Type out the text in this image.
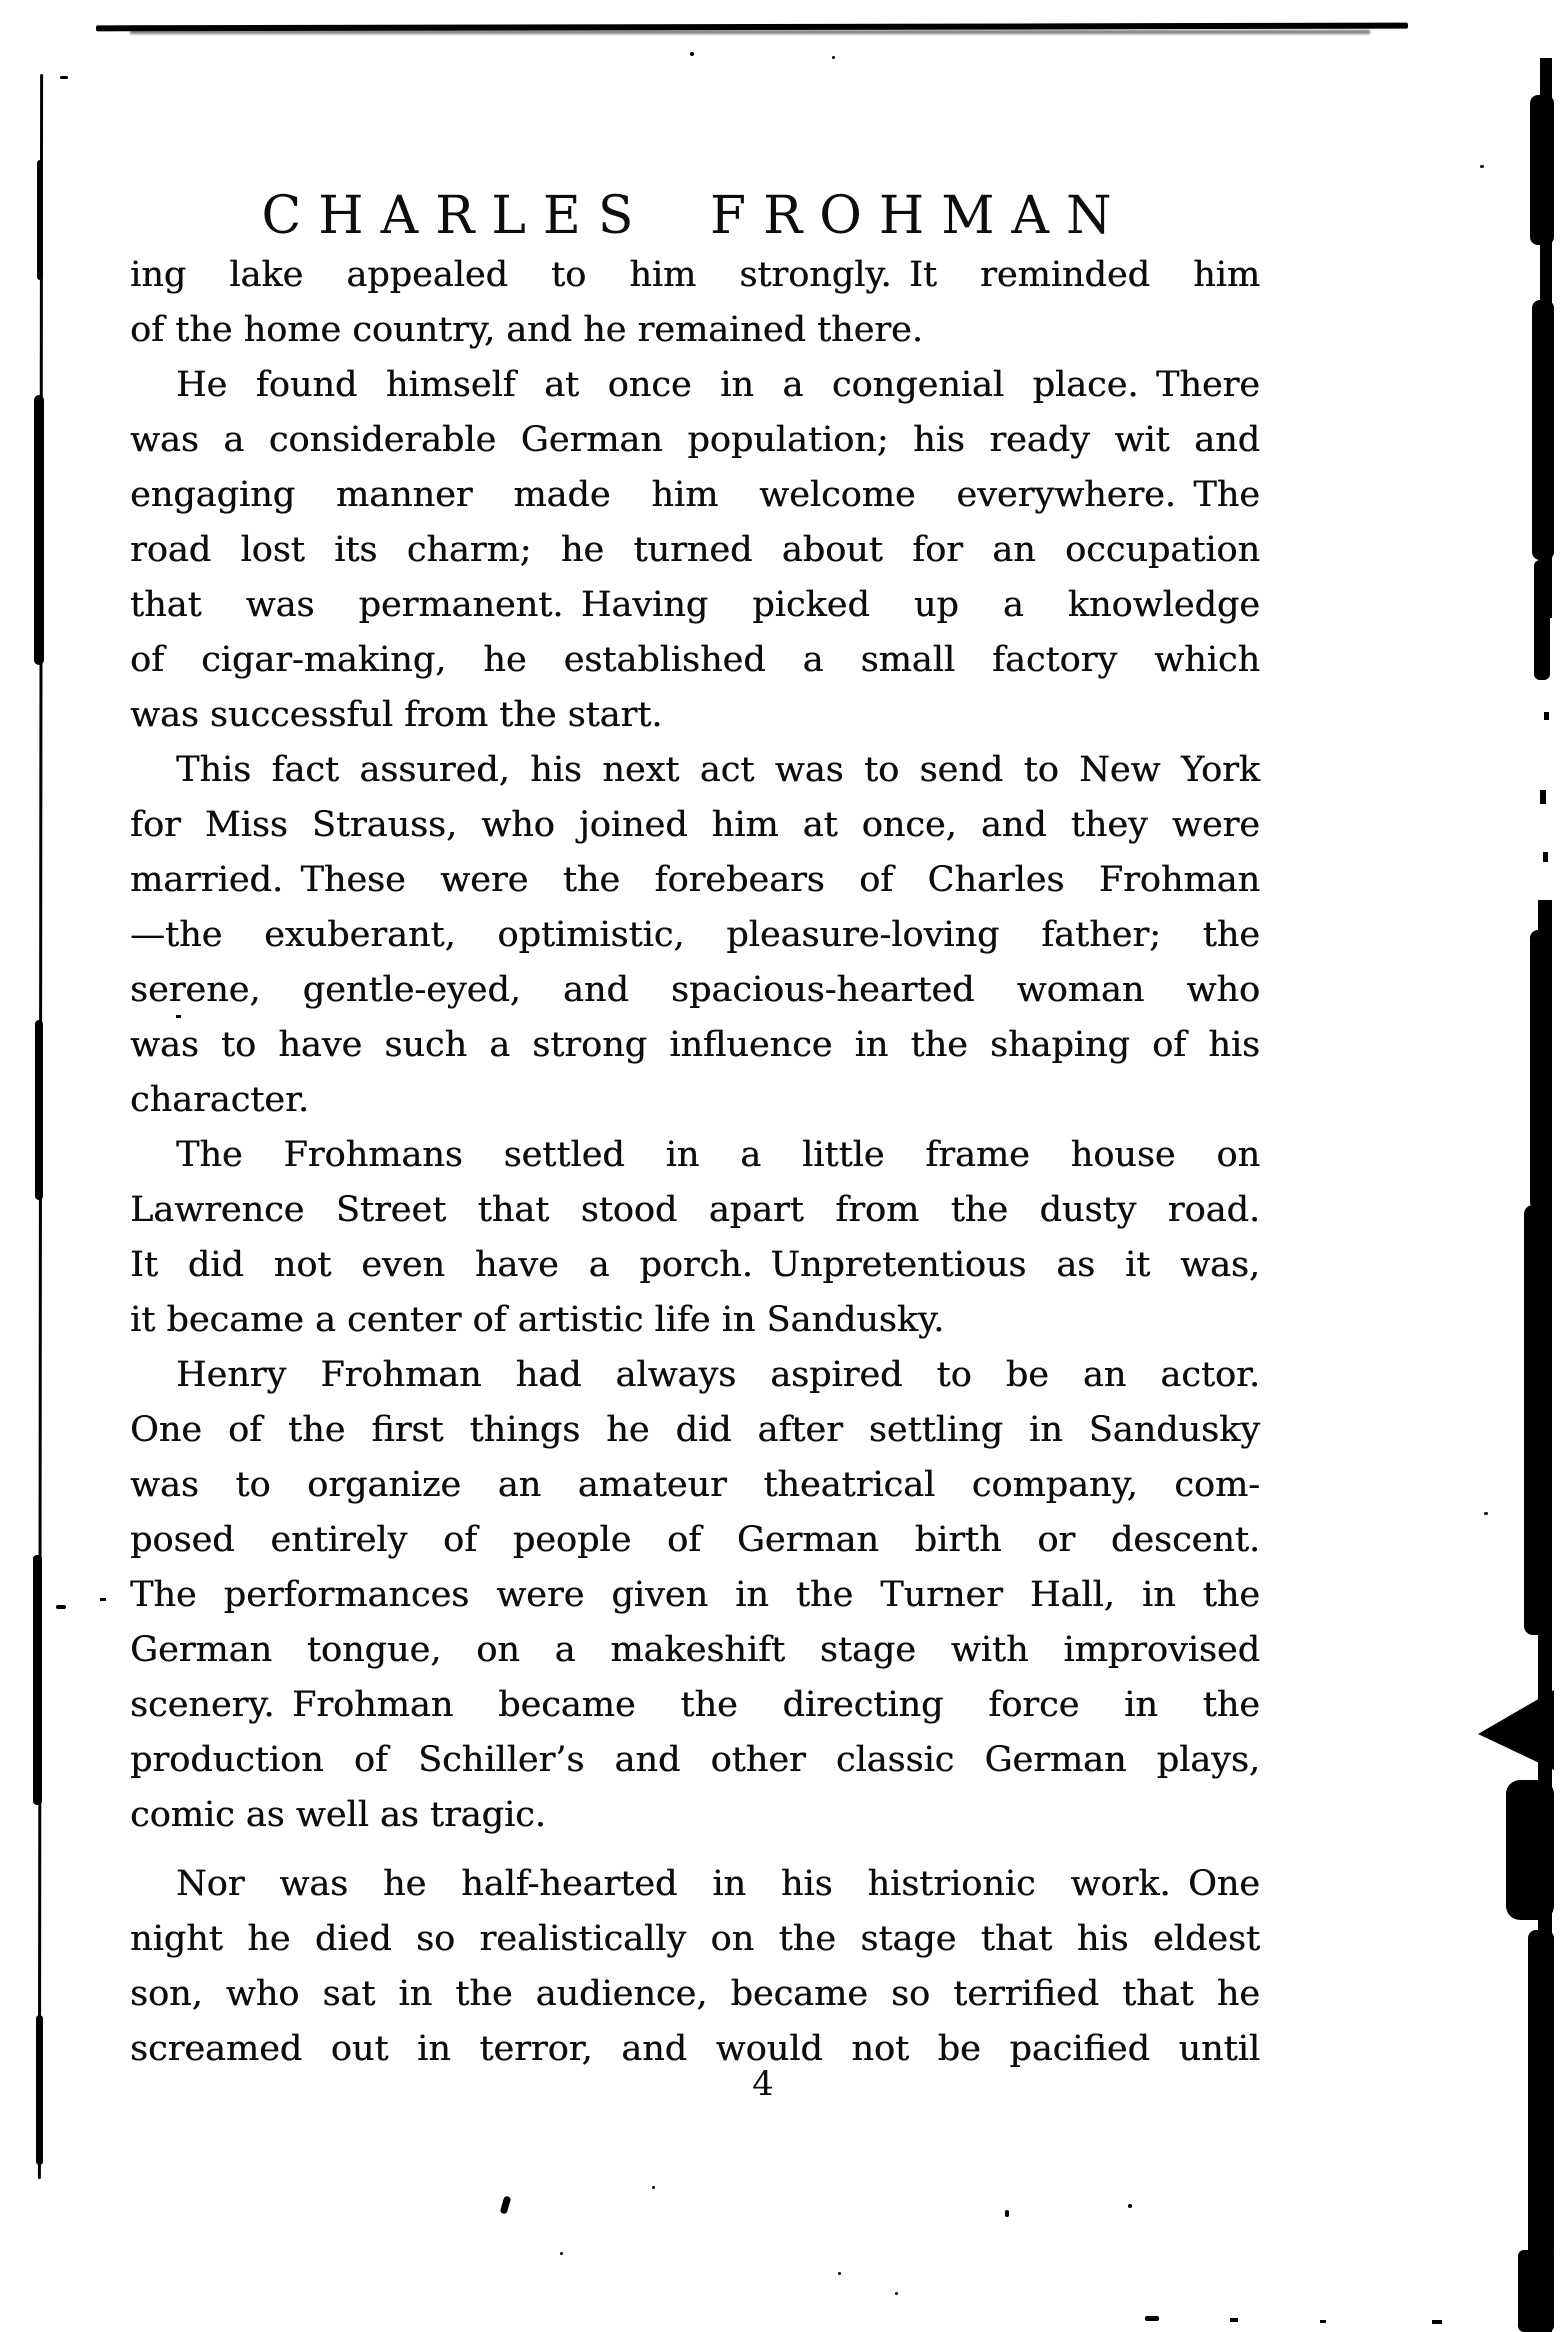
CHARLES FROHMAN
ing lake appealed to him strongly. It reminded him
of the home country, and he remained there.
He found himself at once in a congenial place. There
was a considerable German population; his ready wit and
engaging manner made him welcome everywhere. The
road lost its charm; he turned about for an occupation
that was permanent. Having picked up a knowledge
of cigar-making, he established a small factory which
was successful from the start.
This fact assured, his next act was to send to New York
for Miss Strauss, who joined him at once, and they were
married. These were the forebears of Charles Frohman
—the exuberant, optimistic, pleasure-loving father; the
serene, gentle-eyed, and spacious-hearted woman who
was to have such a strong influence in the shaping of his
character.
The Frohmans settled in a little frame house on
Lawrence Street that stood apart from the dusty road.
It did not even have a porch. Unpretentious as it was,
it became a center of artistic life in Sandusky.
Henry Frohman had always aspired to be an actor.
One of the first things he did after settling in Sandusky
was to organize an amateur theatrical company, com-
posed entirely of people of German birth or descent.
The performances were given in the Turner Hall, in the
German tongue, on a makeshift stage with improvised
scenery. Frohman became the directing force in the
production of Schiller’s and other classic German plays,
comic as well as tragic.
Nor was he half-hearted in his histrionic work. One
night he died so realistically on the stage that his eldest
son, who sat in the audience, became so terrified that he
screamed out in terror, and would not be pacified until
4
